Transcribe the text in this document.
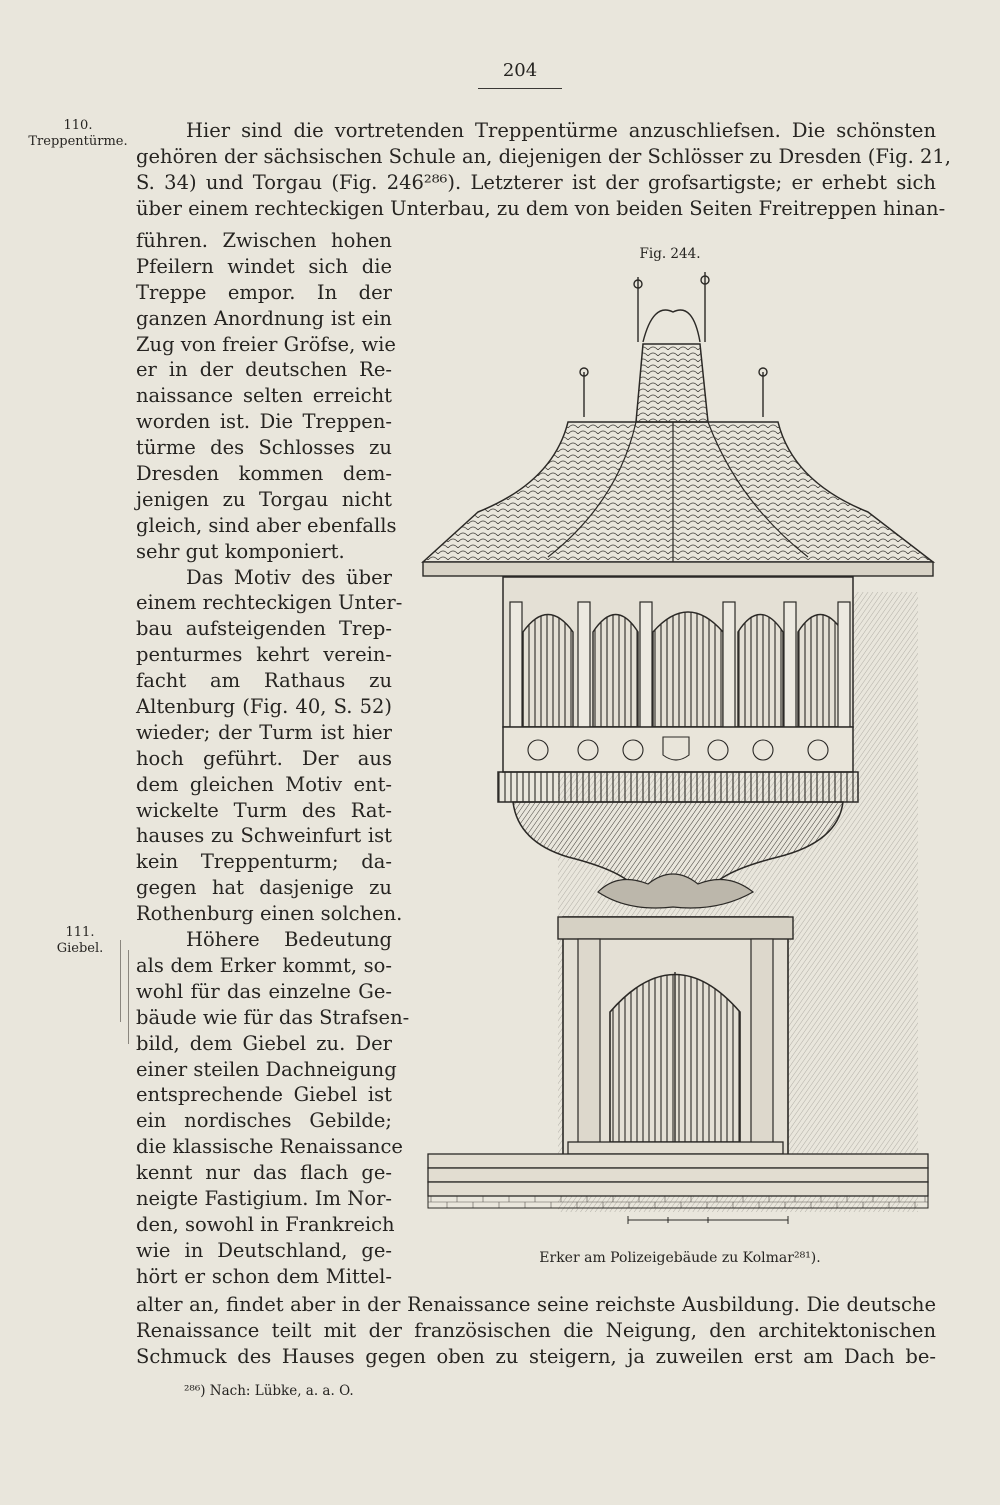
204
110.
Treppentürme.
111.
Giebel.
Hier sind die vortretenden Treppentürme anzuschliefsen. Die schönsten
gehören der sächsischen Schule an, diejenigen der Schlösser zu Dresden (Fig. 21,
S. 34) und Torgau (Fig. 246²⁸⁶). Letzterer ist der grofsartigste; er erhebt sich
über einem rechteckigen Unterbau, zu dem von beiden Seiten Freitreppen hinan-
führen. Zwischen hohen
Pfeilern windet sich die
Treppe empor. In der
ganzen Anordnung ist ein
Zug von freier Gröfse, wie
er in der deutschen Re-
naissance selten erreicht
worden ist. Die Treppen-
türme des Schlosses zu
Dresden kommen dem-
jenigen zu Torgau nicht
gleich, sind aber ebenfalls
sehr gut komponiert.
Das Motiv des über
einem rechteckigen Unter-
bau aufsteigenden Trep-
penturmes kehrt verein-
facht am Rathaus zu
Altenburg (Fig. 40, S. 52)
wieder; der Turm ist hier
hoch geführt. Der aus
dem gleichen Motiv ent-
wickelte Turm des Rat-
hauses zu Schweinfurt ist
kein Treppenturm; da-
gegen hat dasjenige zu
Rothenburg einen solchen.
Höhere Bedeutung
als dem Erker kommt, so-
wohl für das einzelne Ge-
bäude wie für das Strafsen-
bild, dem Giebel zu. Der
einer steilen Dachneigung
entsprechende Giebel ist
ein nordisches Gebilde;
die klassische Renaissance
kennt nur das flach ge-
neigte Fastigium. Im Nor-
den, sowohl in Frankreich
wie in Deutschland, ge-
hört er schon dem Mittel-
Fig. 244.
Erker am Polizeigebäude zu Kolmar²⁸¹).
alter an, findet aber in der Renaissance seine reichste Ausbildung. Die deutsche
Renaissance teilt mit der französischen die Neigung, den architektonischen
Schmuck des Hauses gegen oben zu steigern, ja zuweilen erst am Dach be-
²⁸⁶) Nach: Lübke, a. a. O.
